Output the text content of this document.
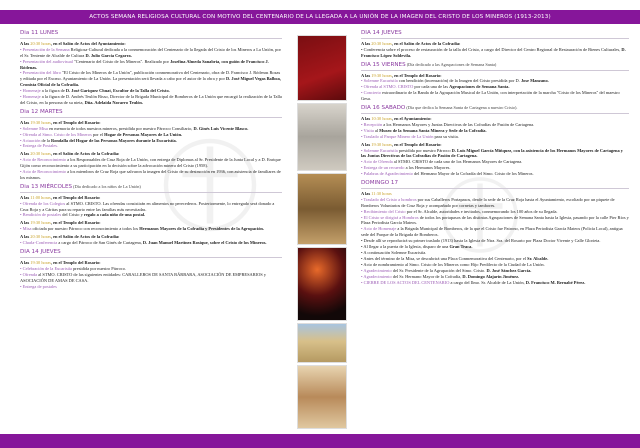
ACTOS SEMANA RELIGIOSA CULTURAL CON MOTIVO DEL CENTENARIO DE LA LLEGADA A LA UNIÓN DE LA IMAGEN DEL CRISTO DE LOS MINEROS (1913-2013)
Dia 11 LUNES
A las 20:30 horas, en el Salón de Actos del Ayuntamiento:
• Presentación de la Semana Religiosa-Cultural dedicada a la conmemoración del Centenario de la llegada del Cristo de los Mineros a La Unión, por el Sr. Teniente de Alcalde de Cultura D. Julio García Cegarra.
• Presentación del audiovisual "Centenario del Cristo de los Mineros". Realizado por Josefina Almeda Sanabria, con guión de Francisco J. Ródenas.
• Presentación del libro "El Cristo de los Mineros de La Unión", publicación conmemorativa del Centenario, obra de D. Francisco J. Ródenas Rozas y editada por el Excmo. Ayuntamiento de La Unión. La presentación será llevada a cabo por el autor de la obra y por D. José Miguel Vegas Balboa, Cronista Oficial de la Cofradía.
• Homenaje a la figura de D. José Gariquez Chuat, Escultor de la Talla del Cristo.
• Homenaje a la figura de D. Andrés Teulón Bisso, Director de la Brigada Municipal de Bomberos de La Unión que encargó la realización de la Talla del Cristo, en la persona de su nieta, Dña. Adelaida Navarro Teulón.
Dia 12 MARTES
A las 19:30 horas, en el Templo del Rosario:
• Solemne Misa en memoria de todos nuestros mineros, presidida por nuestro Párroco Consiliario, D. Ginés Luis Vicente Blasco.
• Ofrenda al Stmo. Cristo de los Mineros por el Hogar de Personas Mayores de La Unión.
• Actuación de la Rondalla del Hogar de las Personas Mayores durante la Eucaristía.
• Entrega de Postales.
A las 20:30 horas, en el Salón de Actos de la Cofradía:
• Acto de Reconocimiento a los Responsables de Cruz Roja de La Unión, con entrega de Diplomas al Sr. Presidente de la Junta Local y a D. Enrique Gijón como reconocimiento a su participación en la decisión sobre la advocación minera del Cristo (1958).
• Acto de Reconocimiento a los miembros de Cruz Roja que salvaron la imagen del Cristo de su destrucción en 1936, con asistencia de familiares de los mismos.
Dia 13 MIÉRCOLES (Día dedicado a los niños de La Unión)
A las 11:00 horas, en el Templo del Rosario:
• Ofrenda de los Colegios al STMO. CRISTO. Las ofrendas consistirán en alimentos no perecederos. Posteriormente, lo entregado será donado a Cruz Roja y a Cáritas para su reparto entre las familias más necesitadas.
• Bendición de postales del Cristo y regalo a cada niño de una postal.
A las 19:30 horas, en el Templo del Rosario:
• Misa oficiada por nuestro Párroco con reconocimiento a todos los Hermanos Mayores de la Cofradía y Presidentes de la Agrupación.
A las 20:30 horas, en el Salón de Actos de la Cofradía:
• Charla-Conferencia a cargo del Párroco de San Ginés de Cartagena, D. Juan Manuel Martínez Rosique, sobre el Cristo de los Mineros.
DIA 14 JUEVES
A las 19:30 horas, en el Templo del Rosario:
• Celebración de la Eucaristía presidida por nuestro Párroco.
• Ofrenda al STMO. CRISTO de las siguientes entidades: CABALLEROS DE SANTA BÁRBARA, ASOCIACIÓN DE EMPRESARIOS y ASOCIACIÓN DE AMAS DE CASA.
• Entrega de postales
DIA 14 JUEVES
A las 20:30 horas, en el Salón de Actos de la Cofradía:
• Conferencia sobre el proceso de restauración de la talla del Cristo, a cargo del Director del Centro Regional de Restauración de Bienes Culturales, D. Francisco López Soldevila.
DIA 15 VIERNES (Día dedicado a las Agrupaciones de Semana Santa)
A las 19:30 horas, en el Templo del Rosario:
• Solemne Eucaristía con bendición (incensación) de la Imagen del Cristo presidida por D. Jose Manzano.
• Ofrenda al STMO. CRISTO por cada una de las Agrupaciones de Semana Santa.
• Concierto extraordinario de la Banda de la Agrupación Musical de La Unión, con interpretación de la marcha "Cristo de los Mineros" del maestro Gesa.
DIA 16 SABADO (Día que dedica la Semana Santa de Cartagena a nuestro Cristo).
A las 10:30 horas, en el Ayuntamiento:
• Recepción a los Hermanos Mayores y Juntas Directivas de las Cofradías de Pasión de Cartagena.
• Visita al Museo de la Semana Santa Minera y Sede de la Cofradía.
• Traslado al Parque Minero de La Unión para su visita.
A las 19:30 horas, en el Templo del Rosario:
• Solemne Eucaristía presidida por nuestro Párroco D. Luis Miguel García Miñquez, con la asistencia de los Hermanos Mayores de Cartagena y las Juntas Directivas de las Cofradías de Pasión de Cartagena.
• Acto de Ofrenda al STMO. CRISTO de cada uno de los Hermanos Mayores de Cartagena.
• Entrega de un recuerdo a los Hermanos Mayores.
• Palabras de Agradecimiento del Hermano Mayor de la Cofradía del Stmo. Cristo de los Mineros.
DOMINGO 17
A las 11:30 horas
• Traslado del Cristo a hombros por sus Caballeros Portapasos, desde la sede de la Cruz Roja hasta el Ayuntamiento, escoltado por un piquete de Bomberos Voluntarios de Cruz Roja y acompañado por cornetas y tambores.
• Recibimiento del Cristo por el Sr. Alcalde, autoridades e invitados, conmemorando los 100 años de su llegada.
• El Cristo se dirigirá a Hombros de todos los portapasos de las distintas Agrupaciones de Semana Santa hasta la Iglesia, pasando por la calle Pier Ríos y Plaza Periodista García Mateos.
• Acto de Homenaje a la Brigada Municipal de Bomberos, de la que el Cristo fue Patrono, en Plaza Periodista García Mateos (Policía Local), antigua sede del Parque de la Brigada de Bomberos.
• Desde allí se reproducirá su primer traslado (1913) hasta la Iglesia de Ntra. Sra. del Rosario por Plaza Doctor Vivente y Calle Glorieta.
• Al llegar a la puerta de la Iglesia, disparo de una Gran Traca.
• A continuación Solemne Eucaristía.
• Antes del término de la Misa, se descubrirá una Placa Conmemorativa del Centenario, por el Sr. Alcalde.
• Acto de nombramiento al Stmo. Cristo de los Mineros como Hijo Predilecto de la Ciudad de La Unión.
• Agradecimiento del Sr. Presidente de la Agrupación del Stmo. Cristo. D. José Sánchez García.
• Agradecimiento del Sr. Hermano Mayor de la Cofradía, D. Domingo Alajarín Jiménez.
• CIERRE DE LOS ACTOS DEL CENTENARIO a cargo del Ilmo. Sr. Alcalde de La Unión, D. Francisco M. Bernabé Pérez.
